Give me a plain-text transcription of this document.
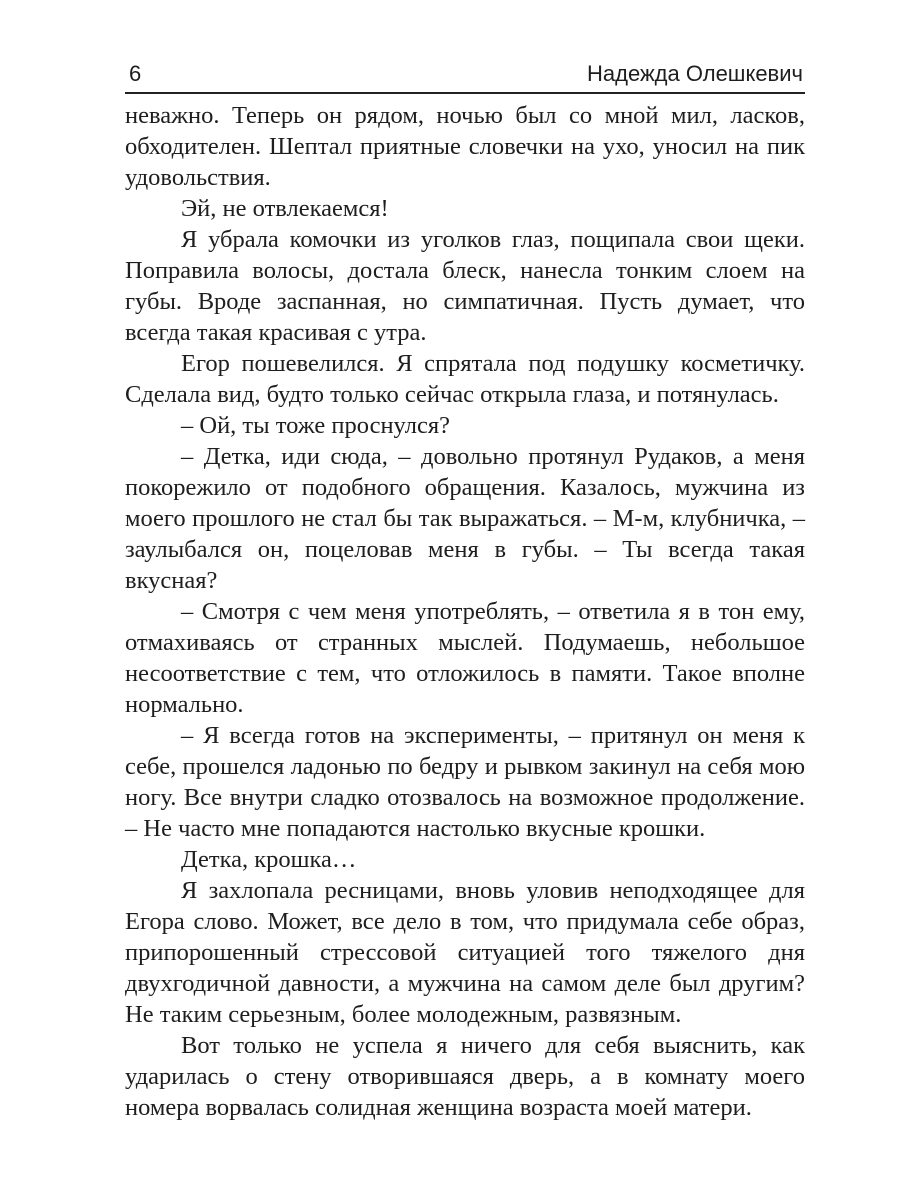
6	Надежда Олешкевич

неважно. Теперь он рядом, ночью был со мной мил, ласков, обходителен. Шептал приятные словечки на ухо, уносил на пик удовольствия.

Эй, не отвлекаемся!

Я убрала комочки из уголков глаз, пощипала свои щеки. Поправила волосы, достала блеск, нанесла тонким слоем на губы. Вроде заспанная, но симпатичная. Пусть думает, что всегда такая красивая с утра.

Егор пошевелился. Я спрятала под подушку косметичку. Сделала вид, будто только сейчас открыла глаза, и потянулась.

– Ой, ты тоже проснулся?

– Детка, иди сюда, – довольно протянул Рудаков, а меня покорежило от подобного обращения. Казалось, мужчина из моего прошлого не стал бы так выражаться. – М-м, клубничка, – заулыбался он, поцеловав меня в губы. – Ты всегда такая вкусная?

– Смотря с чем меня употреблять, – ответила я в тон ему, отмахиваясь от странных мыслей. Подумаешь, небольшое несоответствие с тем, что отложилось в памяти. Такое вполне нормально.

– Я всегда готов на эксперименты, – притянул он меня к себе, прошелся ладонью по бедру и рывком закинул на себя мою ногу. Все внутри сладко отозвалось на возможное продолжение. – Не часто мне попадаются настолько вкусные крошки.

Детка, крошка…

Я захлопала ресницами, вновь уловив неподходящее для Егора слово. Может, все дело в том, что придумала себе образ, припорошенный стрессовой ситуацией того тяжелого дня двухгодичной давности, а мужчина на самом деле был другим? Не таким серьезным, более молодежным, развязным.

Вот только не успела я ничего для себя выяснить, как ударилась о стену отворившаяся дверь, а в комнату моего номера ворвалась солидная женщина возраста моей матери.
